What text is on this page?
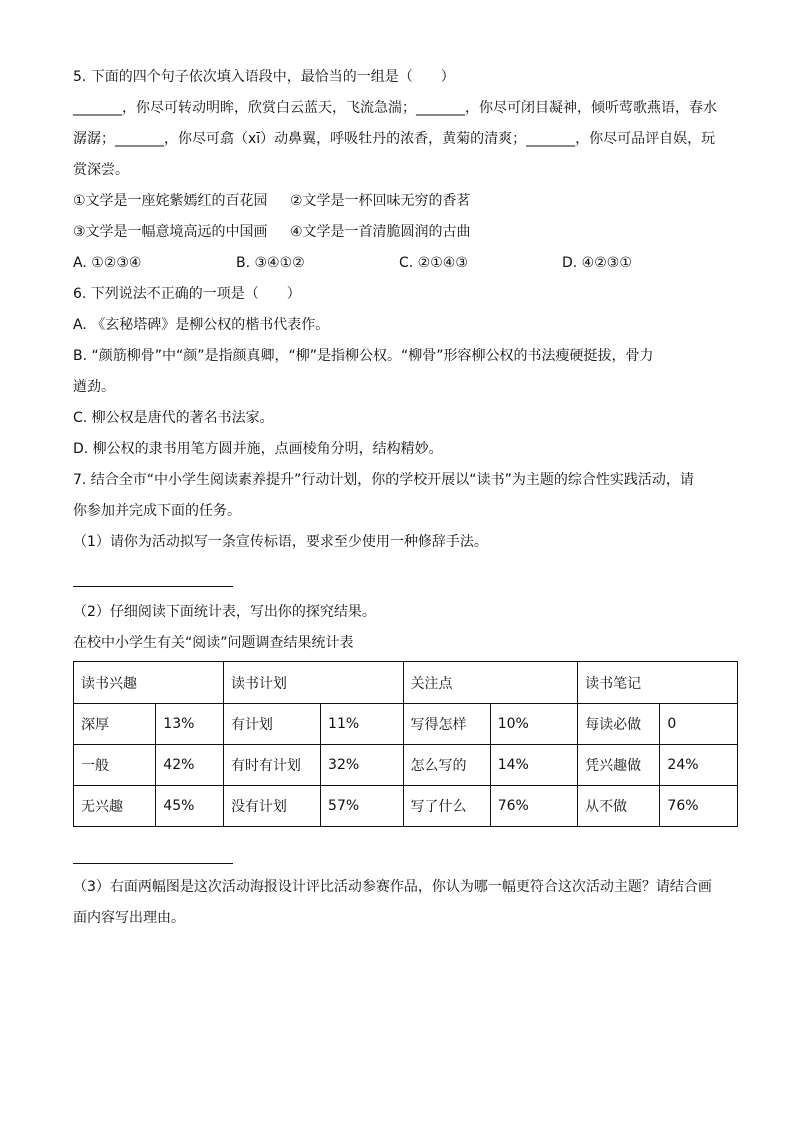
5. 下面的四个句子依次填入语段中，最恰当的一组是（　　）
_______，你尽可转动明眸，欣赏白云蓝天，飞流急湍；_______，你尽可闭目凝神，倾听莺歌燕语，春水
潺潺；_______，你尽可翕（xī）动鼻翼，呼吸牡丹的浓香，黄菊的清爽；_______，你尽可品评自娱，玩
赏深尝。
①文学是一座姹紫嫣红的百花园 ②文学是一杯回味无穷的香茗
③文学是一幅意境高远的中国画 ④文学是一首清脆圆润的古曲
A. ①②③④	B. ③④①②	C. ②①④③	D. ④②③①
6. 下列说法不正确的一项是（　　）
A. 《玄秘塔碑》是柳公权的楷书代表作。
B. “颜筋柳骨”中“颜”是指颜真卿，“柳”是指柳公权。“柳骨”形容柳公权的书法瘦硬挺拔，骨力
遒劲。
C. 柳公权是唐代的著名书法家。
D. 柳公权的隶书用笔方圆并施，点画棱角分明，结构精妙。
7. 结合全市“中小学生阅读素养提升”行动计划，你的学校开展以“读书”为主题的综合性实践活动，请
你参加并完成下面的任务。
（1）请你为活动拟写一条宣传标语，要求至少使用一种修辞手法。
（2）仔细阅读下面统计表，写出你的探究结果。
在校中小学生有关“阅读”问题调查结果统计表
读书兴趣		读书计划		关注点		读书笔记	
深厚	13%	有计划	11%	写得怎样	10%	每读必做	0
一般	42%	有时有计划	32%	怎么写的	14%	凭兴趣做	24%
无兴趣	45%	没有计划	57%	写了什么	76%	从不做	76%
（3）右面两幅图是这次活动海报设计评比活动参赛作品，你认为哪一幅更符合这次活动主题？请结合画
面内容写出理由。
